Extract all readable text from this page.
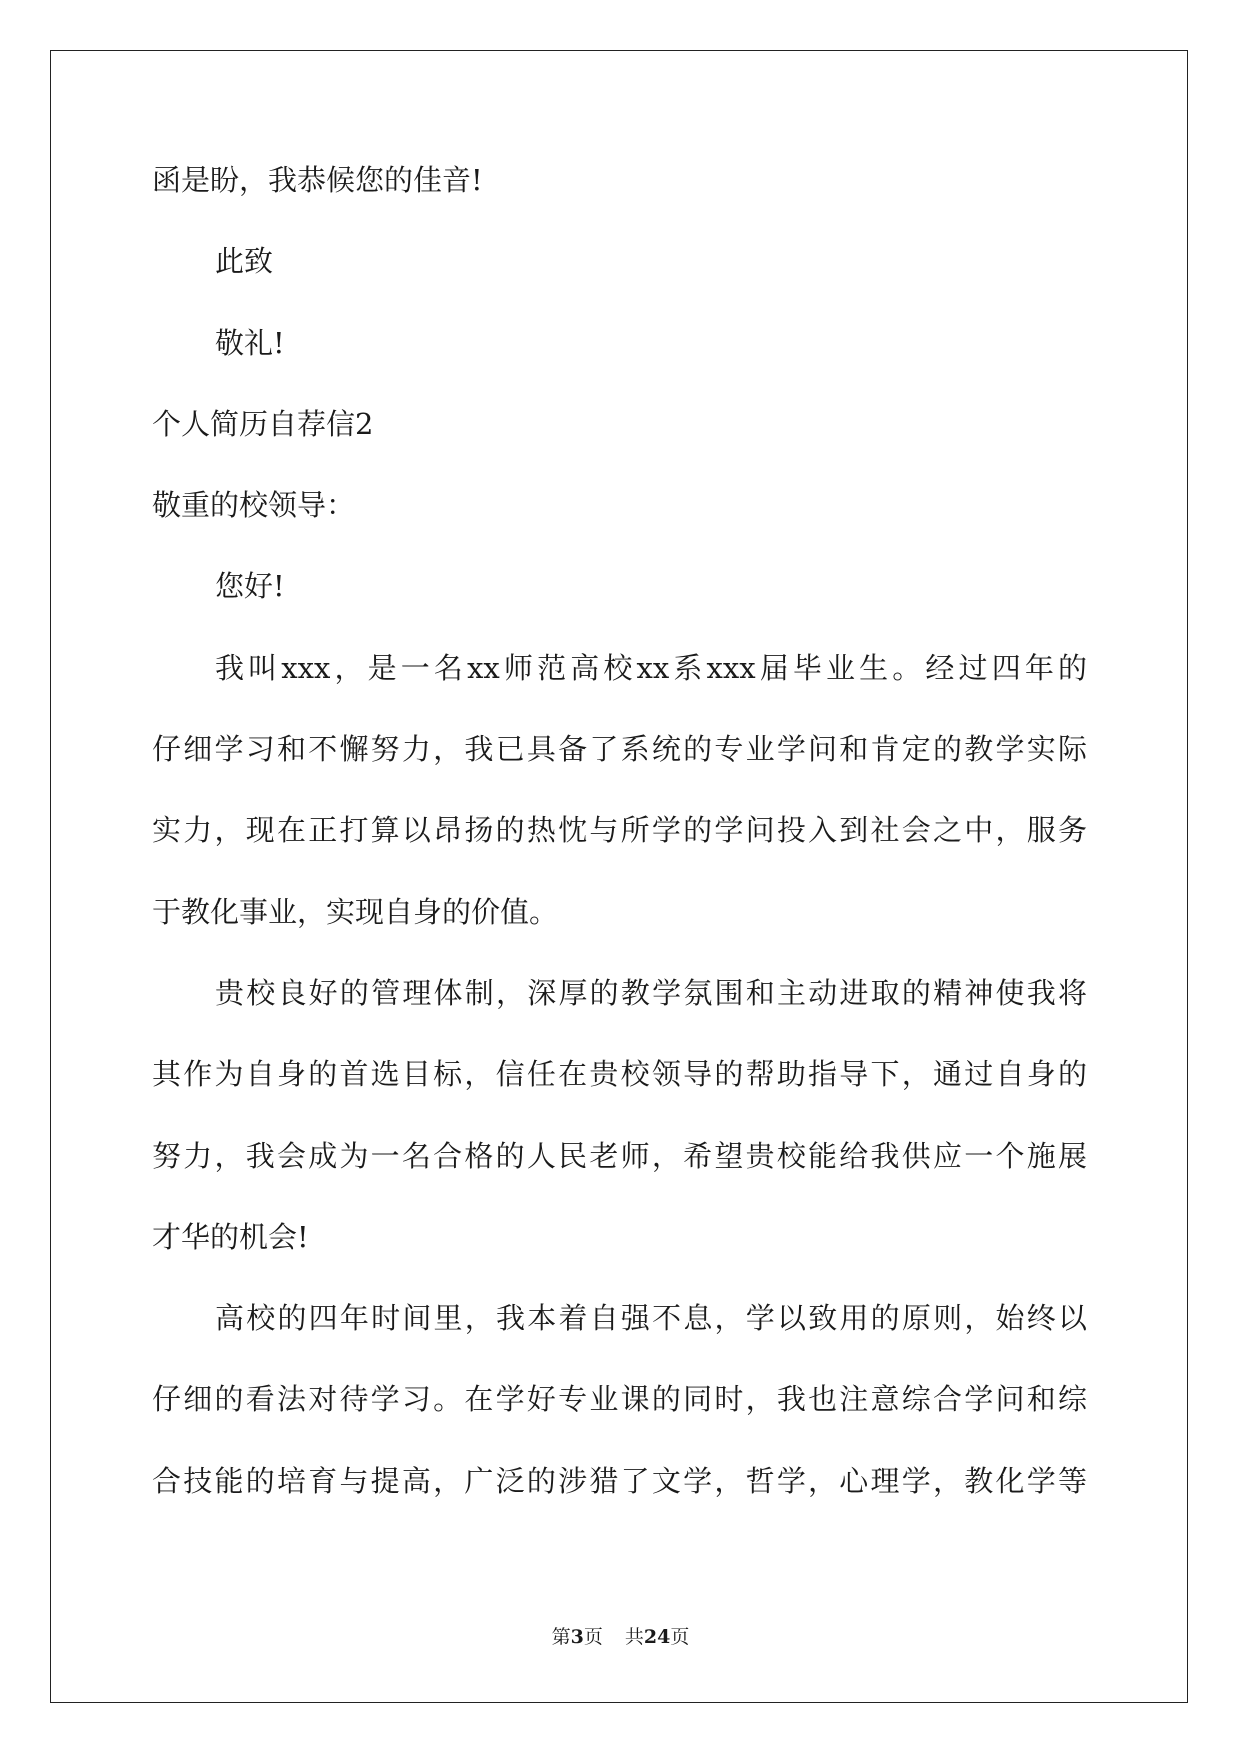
函是盼，我恭候您的佳音!
此致
敬礼!
个人简历自荐信2
敬重的校领导：
您好!
我叫xxx，是一名xx师范高校xx系xxx届毕业生。经过四年的
仔细学习和不懈努力，我已具备了系统的专业学问和肯定的教学实际
实力，现在正打算以昂扬的热忱与所学的学问投入到社会之中，服务
于教化事业，实现自身的价值。
贵校良好的管理体制，深厚的教学氛围和主动进取的精神使我将
其作为自身的首选目标，信任在贵校领导的帮助指导下，通过自身的
努力，我会成为一名合格的人民老师，希望贵校能给我供应一个施展
才华的机会!
高校的四年时间里，我本着自强不息，学以致用的原则，始终以
仔细的看法对待学习。在学好专业课的同时，我也注意综合学问和综
合技能的培育与提高，广泛的涉猎了文学，哲学，心理学，教化学等
第3页 共24页
